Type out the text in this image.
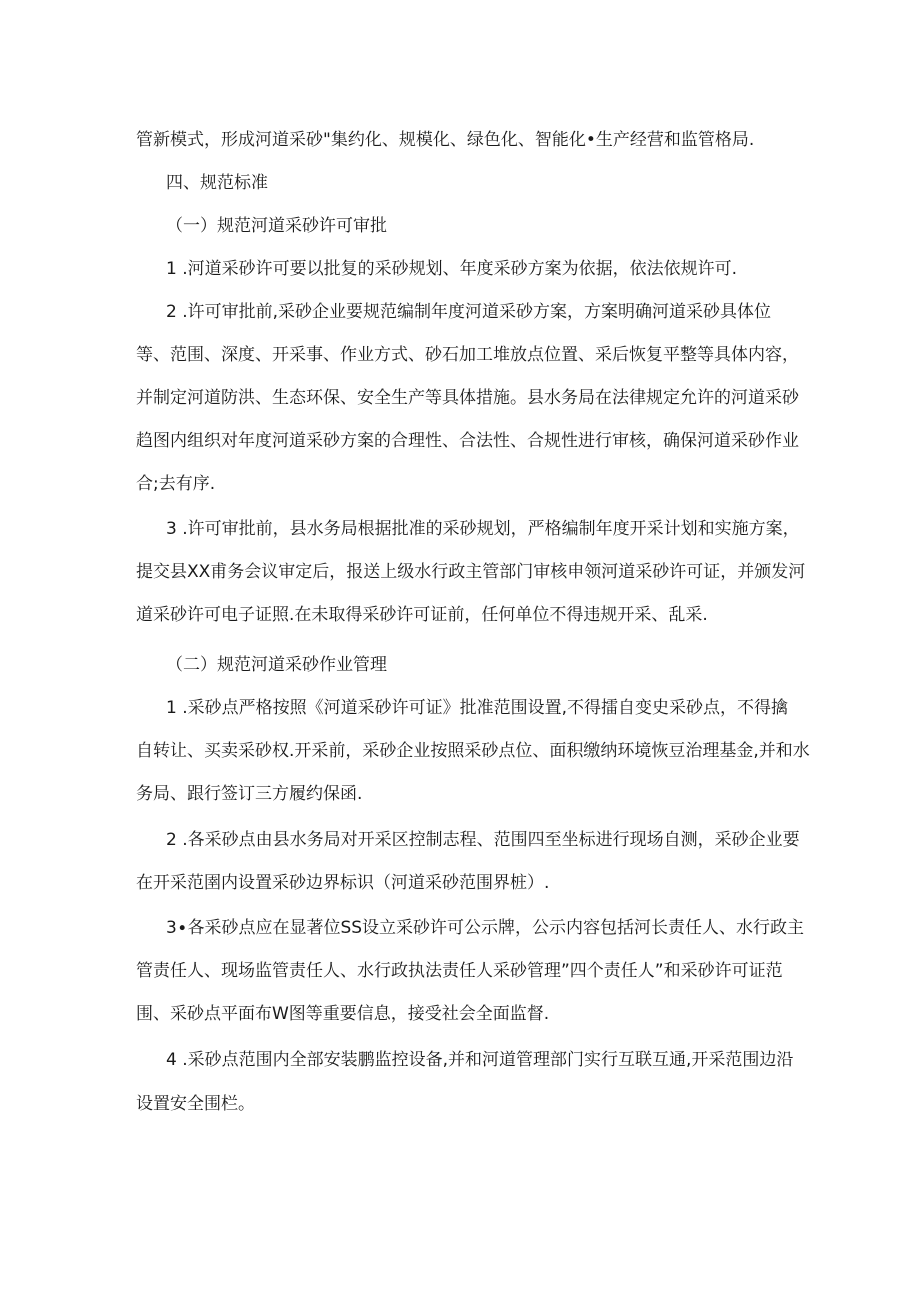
管新模式，形成河道采砂"集约化、规模化、绿色化、智能化•生产经营和监管格局.
四、规范标准
（一）规范河道采砂许可审批
1 .河道采砂许可要以批复的采砂规划、年度采砂方案为依据，依法依规许可.
2 .许可审批前,采砂企业要规范编制年度河道采砂方案，方案明确河道采砂具体位
等、范围、深度、开采事、作业方式、砂石加工堆放点位置、采后恢复平整等具体内容，
并制定河道防洪、生态环保、安全生产等具体措施。县水务局在法律规定允许的河道采砂
趋图内组织对年度河道采砂方案的合理性、合法性、合规性进行审核，确保河道采砂作业
合;去有序.
3 .许可审批前，县水务局根据批准的采砂规划，严格编制年度开采计划和实施方案，
提交县XX甫务会议审定后，报送上级水行政主管部门审核申领河道采砂许可证，并颁发河
道采砂许可电子证照.在未取得采砂许可证前，任何单位不得违规开采、乱采.
（二）规范河道采砂作业管理
1 .采砂点严格按照《河道采砂许可证》批准范围设置,不得擂自变史采砂点，不得擒
自转让、买卖采砂权.开采前，采砂企业按照采砂点位、面积缴纳环境恢豆治理基金,并和水
务局、跟行签订三方履约保函.
2 .各采砂点由县水务局对开采区控制志程、范围四至坐标进行现场自测，采砂企业要
在开采范圉内设置采砂边界标识（河道采砂范围界桩）.
3∙各采砂点应在显著位SS设立采砂许可公示牌，公示内容包括河长责任人、水行政主
管责任人、现场监管责任人、水行政执法责任人采砂管理”四个责任人”和采砂许可证范
围、采砂点平面布W图等重要信息，接受社会全面监督.
4 .采砂点范围内全部安装鹏监控设备,并和河道管理部门实行互联互通,开采范围边沿
设置安全围栏。
